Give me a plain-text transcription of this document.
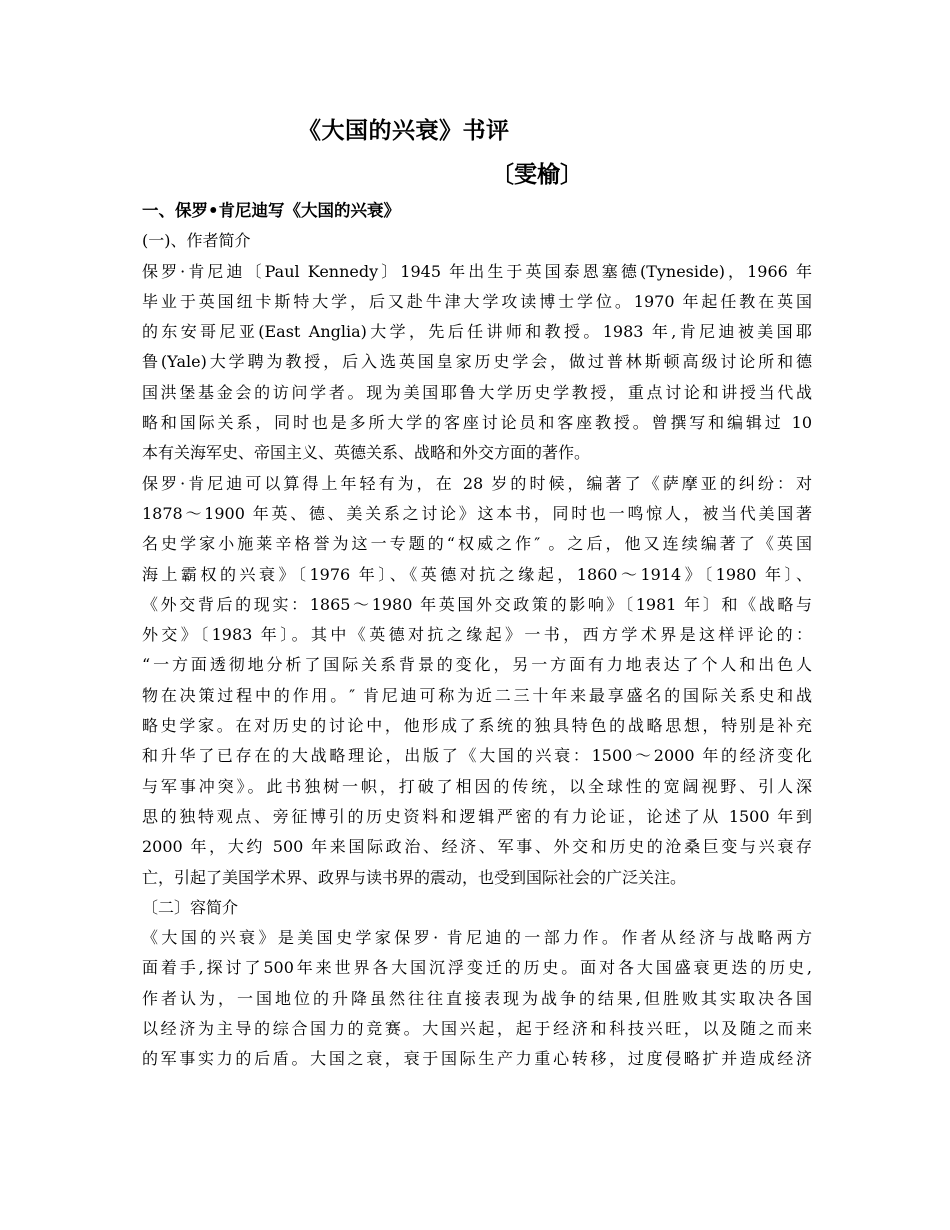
《大国的兴衰》书评
〔雯榆〕
一、保罗•肯尼迪写《大国的兴衰》
(一)、作者简介
保罗·肯尼迪〔Paul Kennedy〕1945 年出生于英国泰恩塞德(Tyneside)，1966 年
毕业于英国纽卡斯特大学，后又赴牛津大学攻读博士学位。1970 年起任教在英国
的东安哥尼亚(East Anglia)大学，先后任讲师和教授。1983 年,肯尼迪被美国耶
鲁(Yale)大学聘为教授，后入选英国皇家历史学会，做过普林斯顿高级讨论所和德
国洪堡基金会的访问学者。现为美国耶鲁大学历史学教授，重点讨论和讲授当代战
略和国际关系，同时也是多所大学的客座讨论员和客座教授。曾撰写和编辑过 10
本有关海军史、帝国主义、英德关系、战略和外交方面的著作。
保罗·肯尼迪可以算得上年轻有为，在 28 岁的时候，编著了《萨摩亚的纠纷：对
1878～1900 年英、德、美关系之讨论》这本书，同时也一鸣惊人，被当代美国著
名史学家小施莱辛格誉为这一专题的“权威之作″ 。之后，他又连续编著了《英国
海上霸权的兴衰》〔1976 年〕、《英德对抗之缘起，1860～1914》〔1980 年〕、
《外交背后的现实：1865～1980 年英国外交政策的影响》〔1981 年〕和《战略与
外交》〔1983 年〕。其中《英德对抗之缘起》一书，西方学术界是这样评论的：
“一方面透彻地分析了国际关系背景的变化，另一方面有力地表达了个人和出色人
物在决策过程中的作用。″ 肯尼迪可称为近二三十年来最享盛名的国际关系史和战
略史学家。在对历史的讨论中，他形成了系统的独具特色的战略思想，特别是补充
和升华了已存在的大战略理论，出版了《大国的兴衰：1500～2000 年的经济变化
与军事冲突》。此书独树一帜，打破了相因的传统，以全球性的宽阔视野、引人深
思的独特观点、旁征博引的历史资料和逻辑严密的有力论证，论述了从 1500 年到
2000 年，大约 500 年来国际政治、经济、军事、外交和历史的沧桑巨变与兴衰存
亡，引起了美国学术界、政界与读书界的震动，也受到国际社会的广泛关注。
〔二〕容简介
《大国的兴衰》是美国史学家保罗· 肯尼迪的一部力作。作者从经济与战略两方
面着手,探讨了500年来世界各大国沉浮变迁的历史。面对各大国盛衰更迭的历史,
作者认为，一国地位的升降虽然往往直接表现为战争的结果,但胜败其实取决各国
以经济为主导的综合国力的竞赛。大国兴起，起于经济和科技兴旺，以及随之而来
的军事实力的后盾。大国之衰，衰于国际生产力重心转移，过度侵略扩并造成经济
